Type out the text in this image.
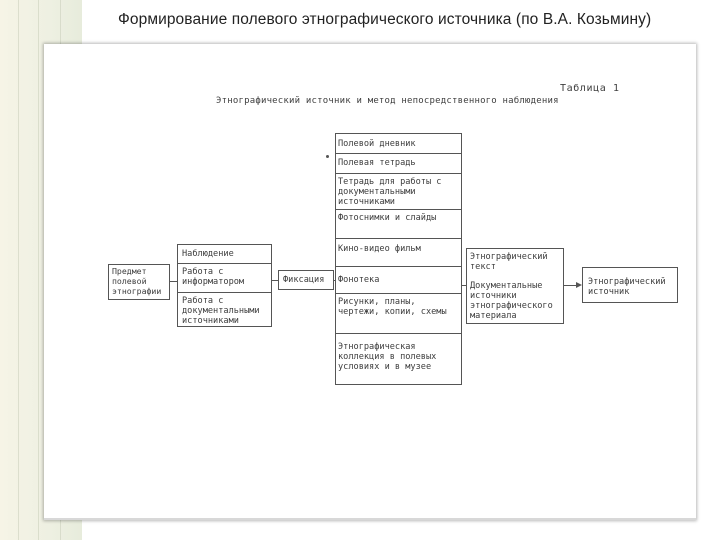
Формирование полевого этнографического источника (по В.А. Козьмину)
Таблица 1
Этнографический источник и метод непосредственного наблюдения
Предмет полевой этнографии
Наблюдение
Работа с информатором
Работа с документальными источниками
Фиксация
Полевой дневник
Полевая тетрадь
Тетрадь для работы с документальными источниками
Фотоснимки и слайды
Кино-видео фильм
Фонотека
Рисунки, планы, чертежи, копии, схемы
Этнографическая коллекция в полевых условиях и в музее
Этнографический текст
Документальные источники этнографического материала
Этнографический источник
